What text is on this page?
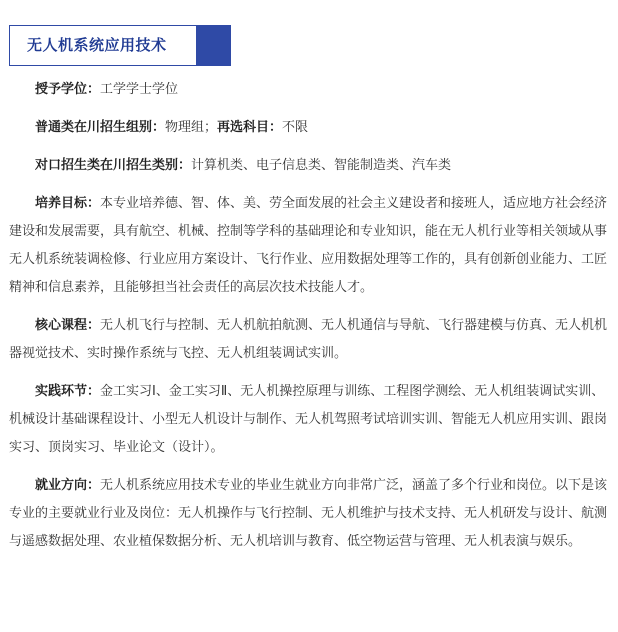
无人机系统应用技术

授予学位：工学学士学位

普通类在川招生组别：物理组；再选科目：不限

对口招生类在川招生类别：计算机类、电子信息类、智能制造类、汽车类

培养目标：本专业培养德、智、体、美、劳全面发展的社会主义建设者和接班人，适应地方社会经济建设和发展需要，具有航空、机械、控制等学科的基础理论和专业知识，能在无人机行业等相关领域从事无人机系统装调检修、行业应用方案设计、飞行作业、应用数据处理等工作的，具有创新创业能力、工匠精神和信息素养，且能够担当社会责任的高层次技术技能人才。

核心课程：无人机飞行与控制、无人机航拍航测、无人机通信与导航、飞行器建模与仿真、无人机机器视觉技术、实时操作系统与飞控、无人机组装调试实训。

实践环节：金工实习Ⅰ、金工实习Ⅱ、无人机操控原理与训练、工程图学测绘、无人机组装调试实训、机械设计基础课程设计、小型无人机设计与制作、无人机驾照考试培训实训、智能无人机应用实训、跟岗实习、顶岗实习、毕业论文（设计）。

就业方向：无人机系统应用技术专业的毕业生就业方向非常广泛，涵盖了多个行业和岗位。以下是该专业的主要就业行业及岗位：无人机操作与飞行控制、无人机维护与技术支持、无人机研发与设计、航测与遥感数据处理、农业植保数据分析、无人机培训与教育、低空物运营与管理、无人机表演与娱乐。
